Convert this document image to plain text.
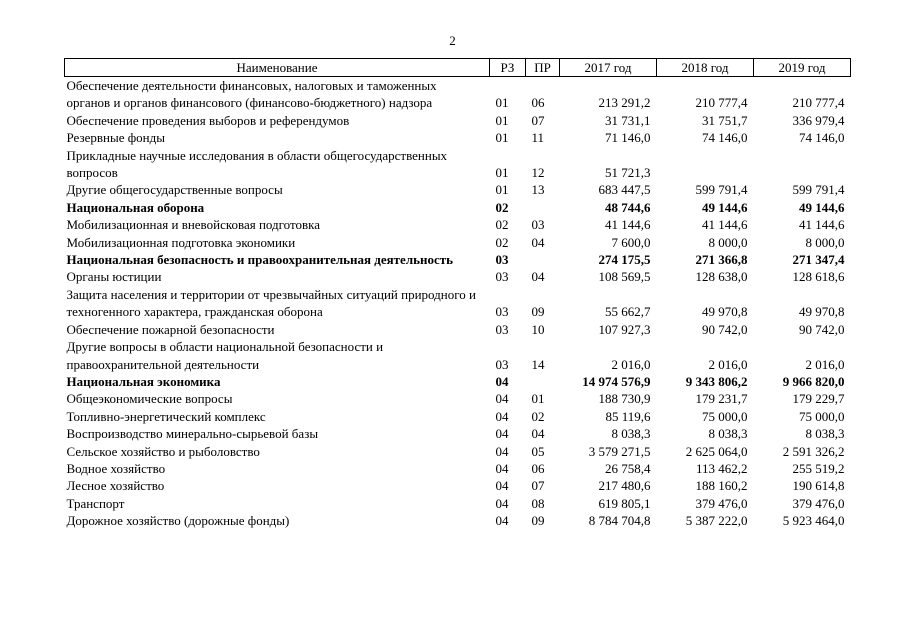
2
Наименование	РЗ	ПР	2017 год	2018 год	2019 год
Обеспечение деятельности финансовых, налоговых и таможенных органов и органов финансового (финансово-бюджетного) надзора	01	06	213 291,2	210 777,4	210 777,4
Обеспечение проведения выборов и референдумов	01	07	31 731,1	31 751,7	336 979,4
Резервные фонды	01	11	71 146,0	74 146,0	74 146,0
Прикладные научные исследования в области общегосударственных вопросов	01	12	51 721,3		
Другие общегосударственные вопросы	01	13	683 447,5	599 791,4	599 791,4
Национальная оборона	02		48 744,6	49 144,6	49 144,6
Мобилизационная и вневойсковая подготовка	02	03	41 144,6	41 144,6	41 144,6
Мобилизационная подготовка экономики	02	04	7 600,0	8 000,0	8 000,0
Национальная безопасность и правоохранительная деятельность	03		274 175,5	271 366,8	271 347,4
Органы юстиции	03	04	108 569,5	128 638,0	128 618,6
Защита населения и территории от чрезвычайных ситуаций природного и техногенного характера, гражданская оборона	03	09	55 662,7	49 970,8	49 970,8
Обеспечение пожарной безопасности	03	10	107 927,3	90 742,0	90 742,0
Другие вопросы в области национальной безопасности и правоохранительной деятельности	03	14	2 016,0	2 016,0	2 016,0
Национальная экономика	04		14 974 576,9	9 343 806,2	9 966 820,0
Общеэкономические вопросы	04	01	188 730,9	179 231,7	179 229,7
Топливно-энергетический комплекс	04	02	85 119,6	75 000,0	75 000,0
Воспроизводство минерально-сырьевой базы	04	04	8 038,3	8 038,3	8 038,3
Сельское хозяйство и рыболовство	04	05	3 579 271,5	2 625 064,0	2 591 326,2
Водное хозяйство	04	06	26 758,4	113 462,2	255 519,2
Лесное хозяйство	04	07	217 480,6	188 160,2	190 614,8
Транспорт	04	08	619 805,1	379 476,0	379 476,0
Дорожное хозяйство (дорожные фонды)	04	09	8 784 704,8	5 387 222,0	5 923 464,0
